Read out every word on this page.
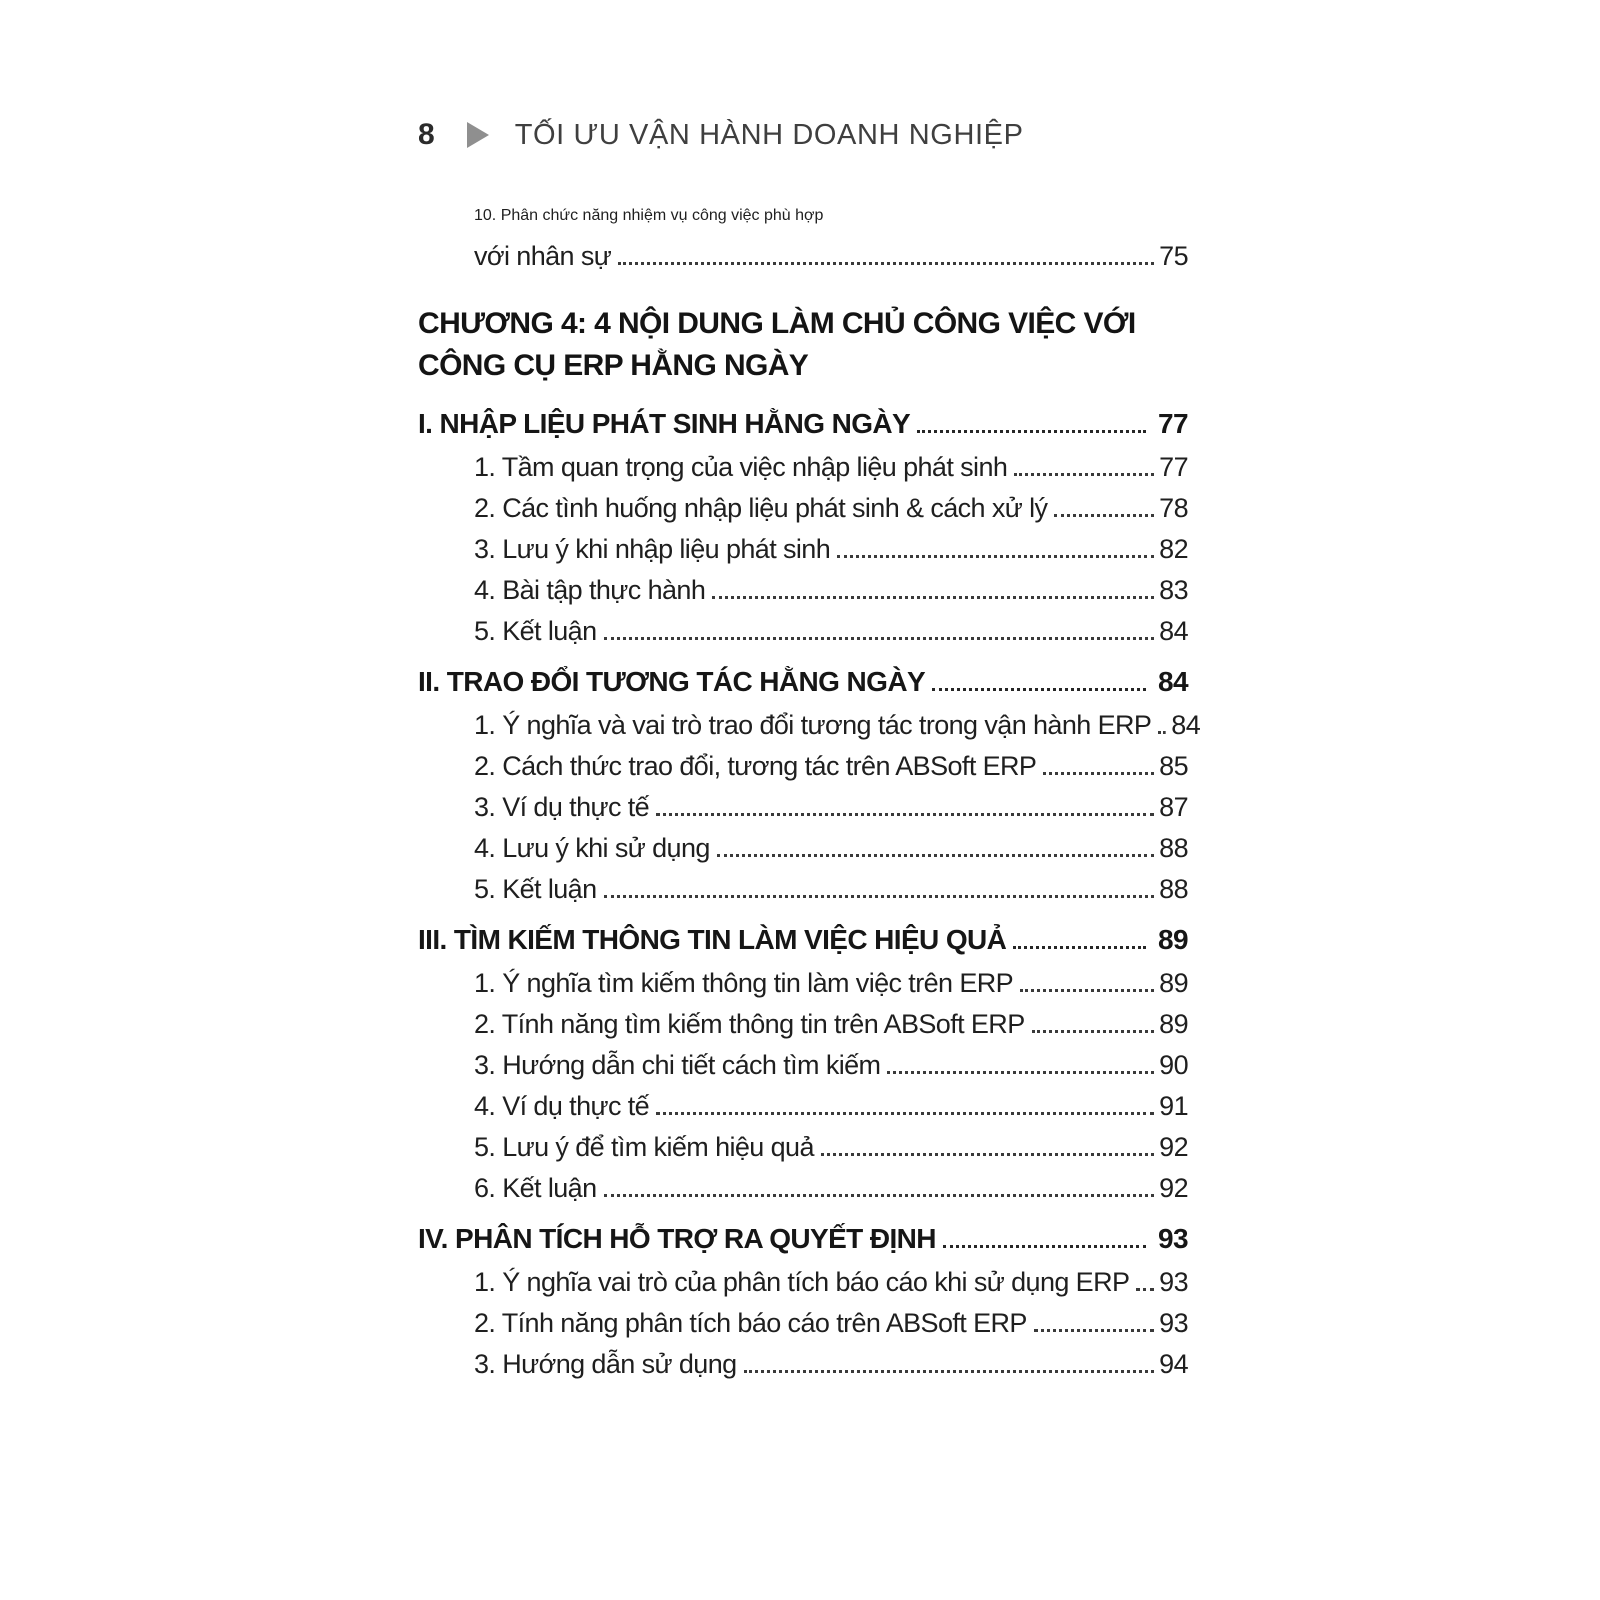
8	TỐI ƯU VẬN HÀNH DOANH NGHIỆP
10. Phân chức năng nhiệm vụ công việc phù hợp
với nhân sự	75
CHƯƠNG 4: 4 NỘI DUNG LÀM CHỦ CÔNG VIỆC VỚI
CÔNG CỤ ERP HẰNG NGÀY
I. NHẬP LIỆU PHÁT SINH HẰNG NGÀY	77
1. Tầm quan trọng của việc nhập liệu phát sinh	77
2. Các tình huống nhập liệu phát sinh & cách xử lý	78
3. Lưu ý khi nhập liệu phát sinh	82
4. Bài tập thực hành	83
5. Kết luận	84
II. TRAO ĐỔI TƯƠNG TÁC HẰNG NGÀY	84
1. Ý nghĩa và vai trò trao đổi tương tác trong vận hành ERP 84
2. Cách thức trao đổi, tương tác trên ABSoft ERP	85
3. Ví dụ thực tế	87
4. Lưu ý khi sử dụng	88
5. Kết luận	88
III. TÌM KIẾM THÔNG TIN LÀM VIỆC HIỆU QUẢ	89
1. Ý nghĩa tìm kiếm thông tin làm việc trên ERP	89
2. Tính năng tìm kiếm thông tin trên ABSoft ERP	89
3. Hướng dẫn chi tiết cách tìm kiếm	90
4. Ví dụ thực tế	91
5. Lưu ý để tìm kiếm hiệu quả	92
6. Kết luận	92
IV. PHÂN TÍCH HỖ TRỢ RA QUYẾT ĐỊNH	93
1. Ý nghĩa vai trò của phân tích báo cáo khi sử dụng ERP 93
2. Tính năng phân tích báo cáo trên ABSoft ERP	93
3. Hướng dẫn sử dụng	94
